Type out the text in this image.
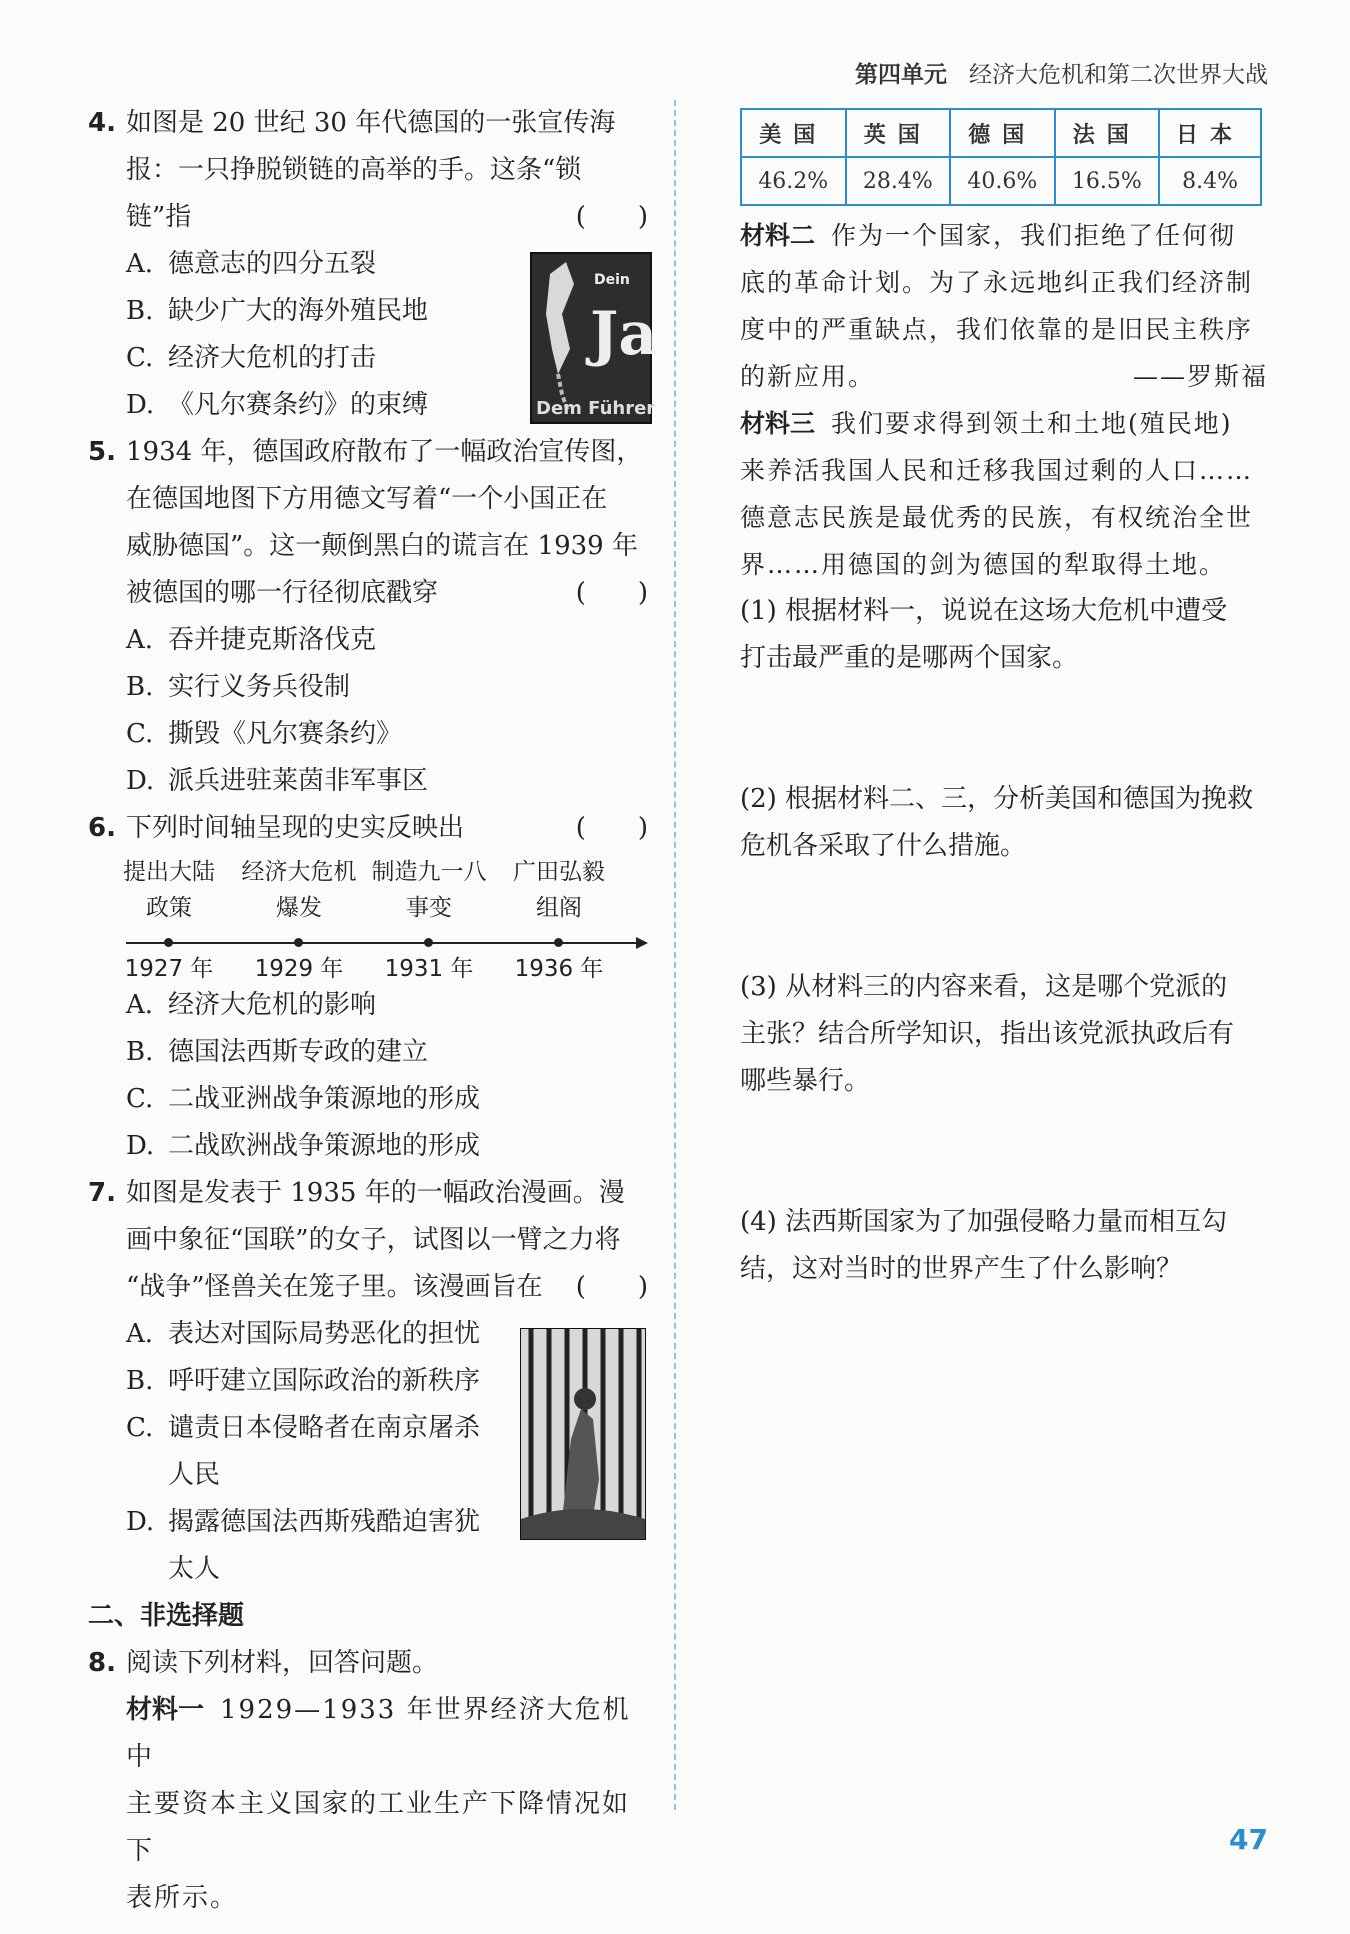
第四单元 经济大危机和第二次世界大战
4. 如图是 20 世纪 30 年代德国的一张宣传海
报：一只挣脱锁链的高举的手。这条“锁
链”指	(　　)
A. 德意志的四分五裂
B. 缺少广大的海外殖民地
C. 经济大危机的打击
D. 《凡尔赛条约》的束缚
5. 1934 年，德国政府散布了一幅政治宣传图，
在德国地图下方用德文写着“一个小国正在
威胁德国”。这一颠倒黑白的谎言在 1939 年
被德国的哪一行径彻底戳穿	(　　)
A. 吞并捷克斯洛伐克
B. 实行义务兵役制
C. 撕毁《凡尔赛条约》
D. 派兵进驻莱茵非军事区
6. 下列时间轴呈现的史实反映出	(　　)
提出大陆
政策
经济大危机
爆发
制造九一八
事变
广田弘毅
组阁
1927 年	1929 年	1931 年	1936 年
A. 经济大危机的影响
B. 德国法西斯专政的建立
C. 二战亚洲战争策源地的形成
D. 二战欧洲战争策源地的形成
7. 如图是发表于 1935 年的一幅政治漫画。漫
画中象征“国联”的女子，试图以一臂之力将
“战争”怪兽关在笼子里。该漫画旨在 (　　)
A. 表达对国际局势恶化的担忧
B. 呼吁建立国际政治的新秩序
C. 谴责日本侵略者在南京屠杀
人民
D. 揭露德国法西斯残酷迫害犹
太人
二、非选择题
8. 阅读下列材料，回答问题。
材料一 1929—1933 年世界经济大危机中
主要资本主义国家的工业生产下降情况如下
表所示。
Dein
Ja
Dem Führer
美国	英国	德国	法国	日本
46.2%	28.4%	40.6%	16.5%	8.4%
材料二 作为一个国家，我们拒绝了任何彻
底的革命计划。为了永远地纠正我们经济制
度中的严重缺点，我们依靠的是旧民主秩序
的新应用。	——罗斯福
材料三 我们要求得到领土和土地(殖民地)
来养活我国人民和迁移我国过剩的人口……
德意志民族是最优秀的民族，有权统治全世
界……用德国的剑为德国的犁取得土地。
(1) 根据材料一，说说在这场大危机中遭受
打击最严重的是哪两个国家。
(2) 根据材料二、三，分析美国和德国为挽救
危机各采取了什么措施。
(3) 从材料三的内容来看，这是哪个党派的
主张？结合所学知识，指出该党派执政后有
哪些暴行。
(4) 法西斯国家为了加强侵略力量而相互勾
结，这对当时的世界产生了什么影响？
47
